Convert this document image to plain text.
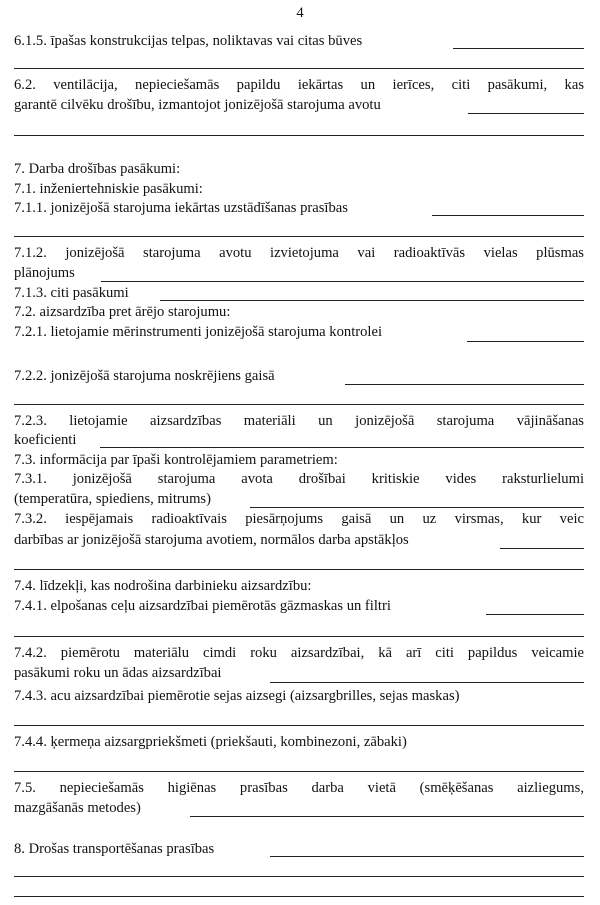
4
6.1.5. īpašas konstrukcijas telpas, noliktavas vai citas būves
6.2. ventilācija, nepieciešamās papildu iekārtas un ierīces, citi pasākumi, kas
garantē cilvēku drošību, izmantojot jonizējošā starojuma avotu
7. Darba drošības pasākumi:
7.1. inženiertehniskie pasākumi:
7.1.1. jonizējošā starojuma iekārtas uzstādīšanas prasības
7.1.2. jonizējošā starojuma avotu izvietojuma vai radioaktīvās vielas plūsmas
plānojums
7.1.3. citi pasākumi
7.2. aizsardzība pret ārējo starojumu:
7.2.1. lietojamie mērinstrumenti jonizējošā starojuma kontrolei
7.2.2. jonizējošā starojuma noskrējiens gaisā
7.2.3. lietojamie aizsardzības materiāli un jonizējošā starojuma vājināšanas
koeficienti
7.3. informācija par īpaši kontrolējamiem parametriem:
7.3.1. jonizējošā starojuma avota drošībai kritiskie vides raksturlielumi
(temperatūra, spiediens, mitrums)
7.3.2. iespējamais radioaktīvais piesārņojums gaisā un uz virsmas, kur veic
darbības ar jonizējošā starojuma avotiem, normālos darba apstākļos
7.4. līdzekļi, kas nodrošina darbinieku aizsardzību:
7.4.1. elpošanas ceļu aizsardzībai piemērotās gāzmaskas un filtri
7.4.2. piemērotu materiālu cimdi roku aizsardzībai, kā arī citi papildus veicamie
pasākumi roku un ādas aizsardzībai
7.4.3. acu aizsardzībai piemērotie sejas aizsegi (aizsargbrilles, sejas maskas)
7.4.4. ķermeņa aizsargpriekšmeti (priekšauti, kombinezoni, zābaki)
7.5. nepieciešamās higiēnas prasības darba vietā (smēķēšanas aizliegums,
mazgāšanās metodes)
8. Drošas transportēšanas prasības
